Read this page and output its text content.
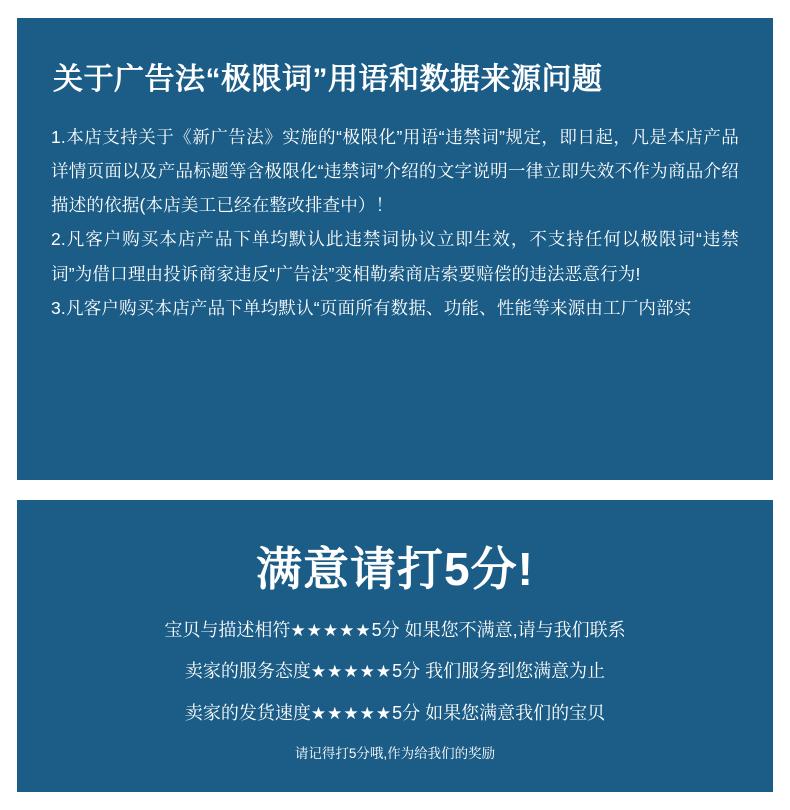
关于广告法“极限词”用语和数据来源问题

1.本店支持关于《新广告法》实施的“极限化”用语“违禁词”规定，即日起，凡是本店产品详情页面以及产品标题等含极限化“违禁词”介绍的文字说明一律立即失效不作为商品介绍描述的依据(本店美工已经在整改排查中）！

2.凡客户购买本店产品下单均默认此违禁词协议立即生效，不支持任何以极限词“违禁词”为借口理由投诉商家违反“广告法”变相勒索商店索要赔偿的违法恶意行为!

3.凡客户购买本店产品下单均默认“页面所有数据、功能、性能等来源由工厂内部实

满意请打5分!

宝贝与描述相符★★★★★5分 如果您不满意,请与我们联系

卖家的服务态度★★★★★5分 我们服务到您满意为止

卖家的发货速度★★★★★5分 如果您满意我们的宝贝

请记得打5分哦,作为给我们的奖励
